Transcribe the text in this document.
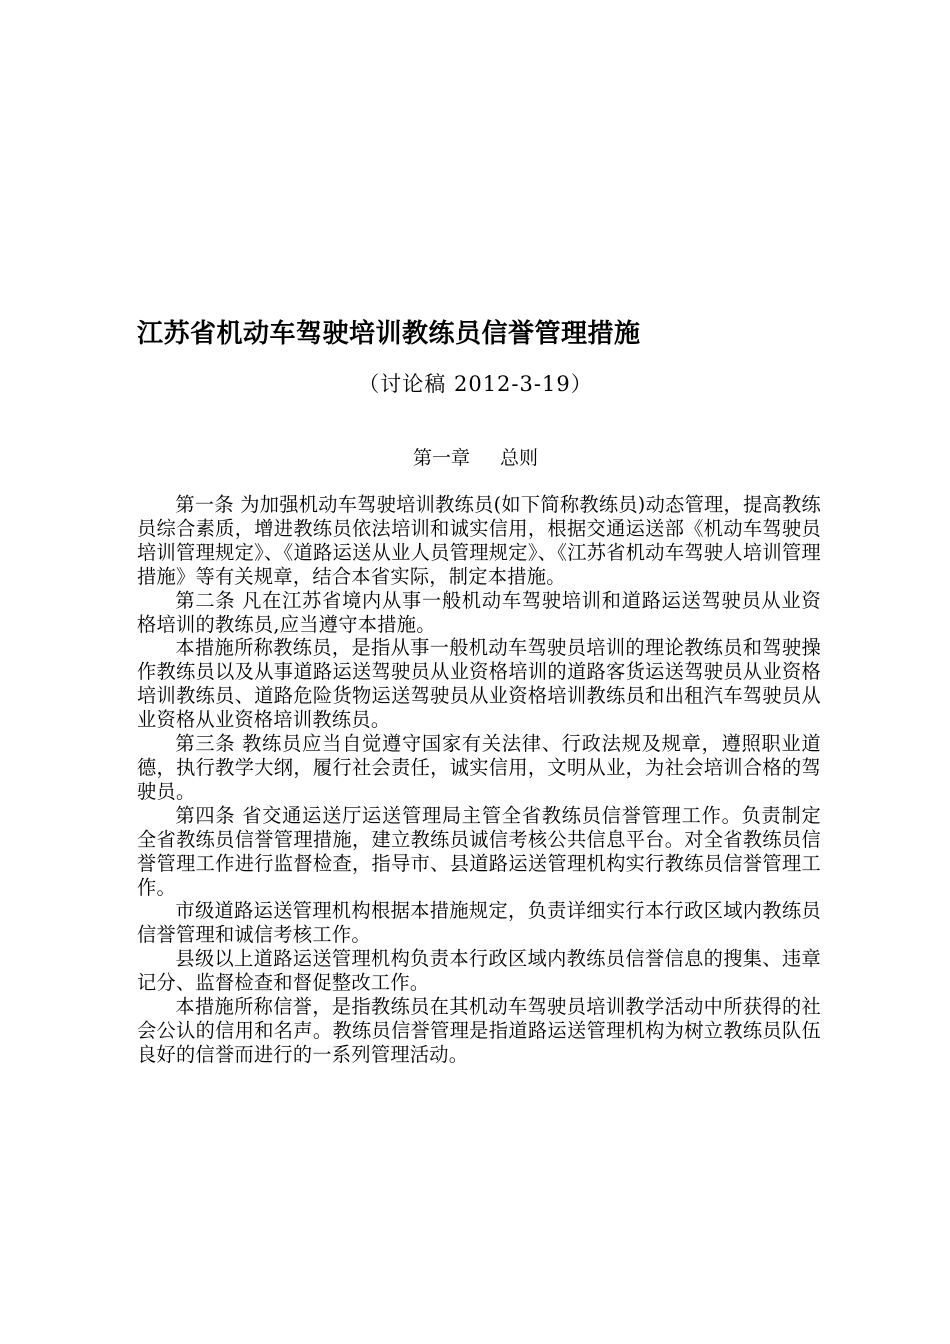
江苏省机动车驾驶培训教练员信誉管理措施
（讨论稿 2012-3-19）
第一章 总则

第一条 为加强机动车驾驶培训教练员(如下简称教练员)动态管理，提高教练员综合素质，增进教练员依法培训和诚实信用，根据交通运送部《机动车驾驶员培训管理规定》、《道路运送从业人员管理规定》、《江苏省机动车驾驶人培训管理措施》等有关规章，结合本省实际，制定本措施。

第二条 凡在江苏省境内从事一般机动车驾驶培训和道路运送驾驶员从业资格培训的教练员,应当遵守本措施。

本措施所称教练员，是指从事一般机动车驾驶员培训的理论教练员和驾驶操作教练员以及从事道路运送驾驶员从业资格培训的道路客货运送驾驶员从业资格培训教练员、道路危险货物运送驾驶员从业资格培训教练员和出租汽车驾驶员从业资格从业资格培训教练员。

第三条 教练员应当自觉遵守国家有关法律、行政法规及规章，遵照职业道德，执行教学大纲，履行社会责任，诚实信用，文明从业，为社会培训合格的驾驶员。

第四条 省交通运送厅运送管理局主管全省教练员信誉管理工作。负责制定全省教练员信誉管理措施，建立教练员诚信考核公共信息平台。对全省教练员信誉管理工作进行监督检查，指导市、县道路运送管理机构实行教练员信誉管理工作。

市级道路运送管理机构根据本措施规定，负责详细实行本行政区域内教练员信誉管理和诚信考核工作。

县级以上道路运送管理机构负责本行政区域内教练员信誉信息的搜集、违章记分、监督检查和督促整改工作。

本措施所称信誉，是指教练员在其机动车驾驶员培训教学活动中所获得的社会公认的信用和名声。教练员信誉管理是指道路运送管理机构为树立教练员队伍良好的信誉而进行的一系列管理活动。
